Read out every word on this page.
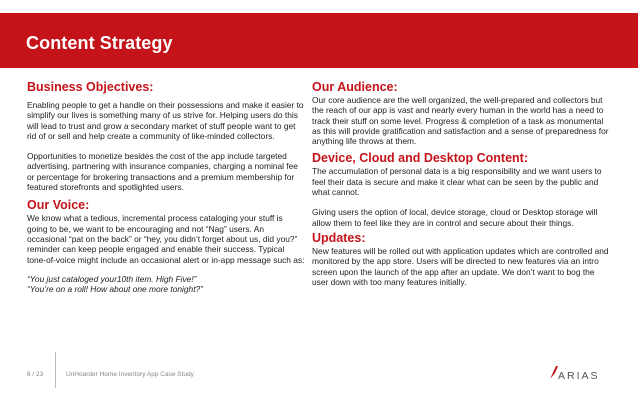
Content Strategy
Business Objectives:

Enabling people to get a handle on their possessions and make it easier to simplify our lives is something many of us strive for. Helping users do this will lead to trust and grow a secondary market of stuff people want to get rid of or sell and help create a community of like-minded collectors.

Opportunities to monetize besides the cost of the app include targeted advertising, partnering with insurance companies, charging a nominal fee or percentage for brokering transactions and a premium membership for featured storefronts and spotlighted users.

Our Voice:

We know what a tedious, incremental process cataloging your stuff is going to be, we want to be encouraging and not “Nag” users. An occasional “pat on the back” or “hey, you didn’t forget about us, did you?” reminder can keep people engaged and enable their success. Typical tone-of-voice might include an occasional alert or in-app message such as:

“You just cataloged your10th item. High Five!”

“You’re on a roll! How about one more tonight?”

Our Audience:

Our core audience are the well organized, the well-prepared and collectors but the reach of our app is vast and nearly every human in the world has a need to track their stuff on some level. Progress & completion of a task as monumental as this will provide gratification and satisfaction and a sense of preparedness for anything life throws at them.

Device, Cloud and Desktop Content:

The accumulation of personal data is a big responsibility and we want users to feel their data is secure and make it clear what can be seen by the public and what cannot.

Giving users the option of local, device storage, cloud or Desktop storage will allow them to feel like they are in control and secure about their things.

Updates:

New features will be rolled out with application updates which are controlled and monitored by the app store. Users will be directed to new features via an intro screen upon the launch of the app after an update. We don’t want to bog the user down with too many features initially.

6 / 23	UnHoarder Home Inventory App Case Study	ARIAS
